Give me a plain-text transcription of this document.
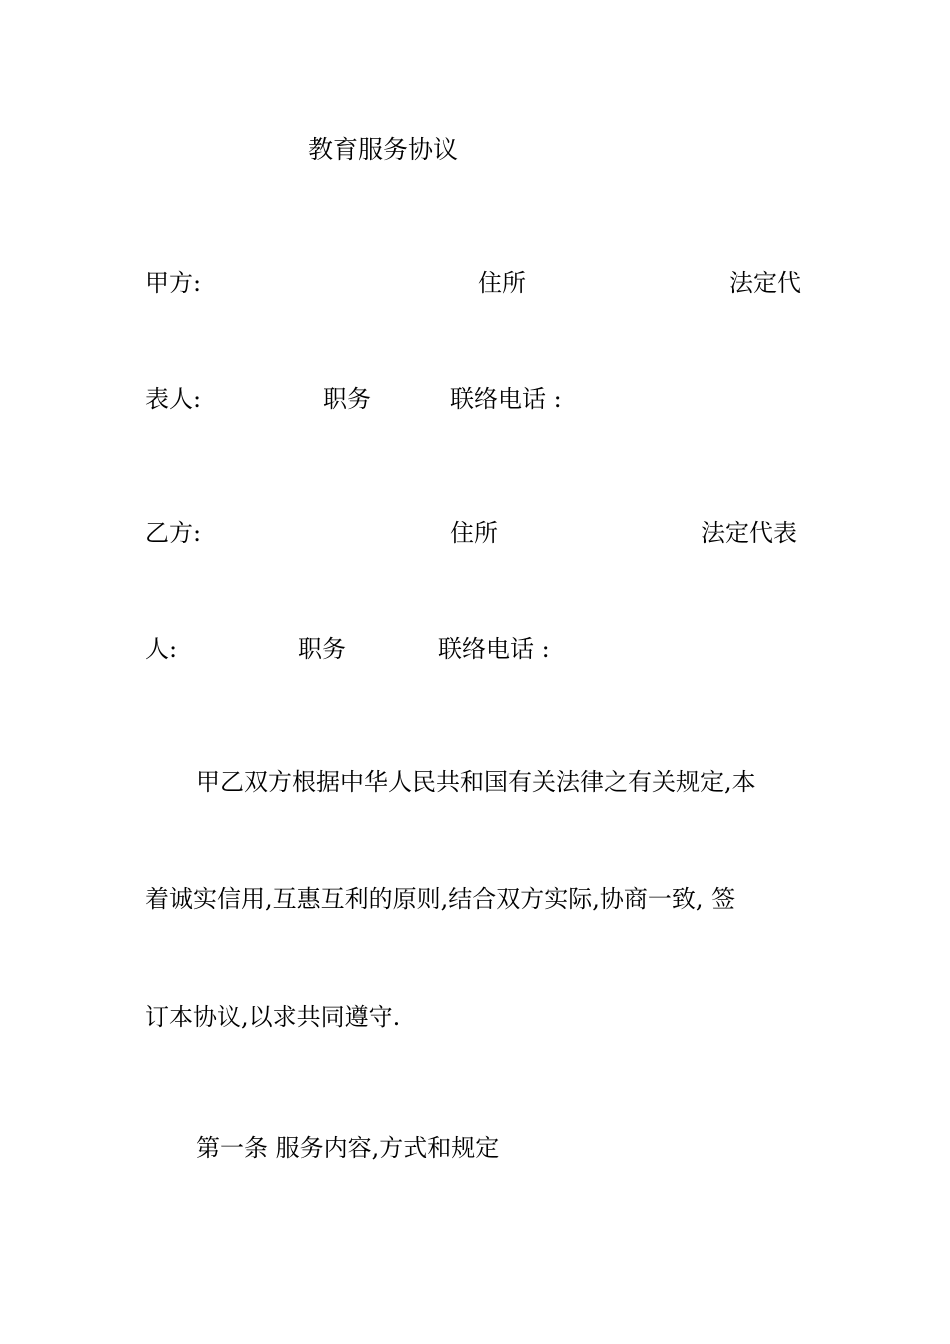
教育服务协议
甲方:	住所	法定代
表人:	职务	联络电话 :
乙方:	住所	法定代表
人:	职务	联络电话 :
甲乙双方根据中华人民共和国有关法律之有关规定,本
着诚实信用,互惠互利的原则,结合双方实际,协商一致, 签
订本协议,以求共同遵守.
第一条 服务内容,方式和规定
